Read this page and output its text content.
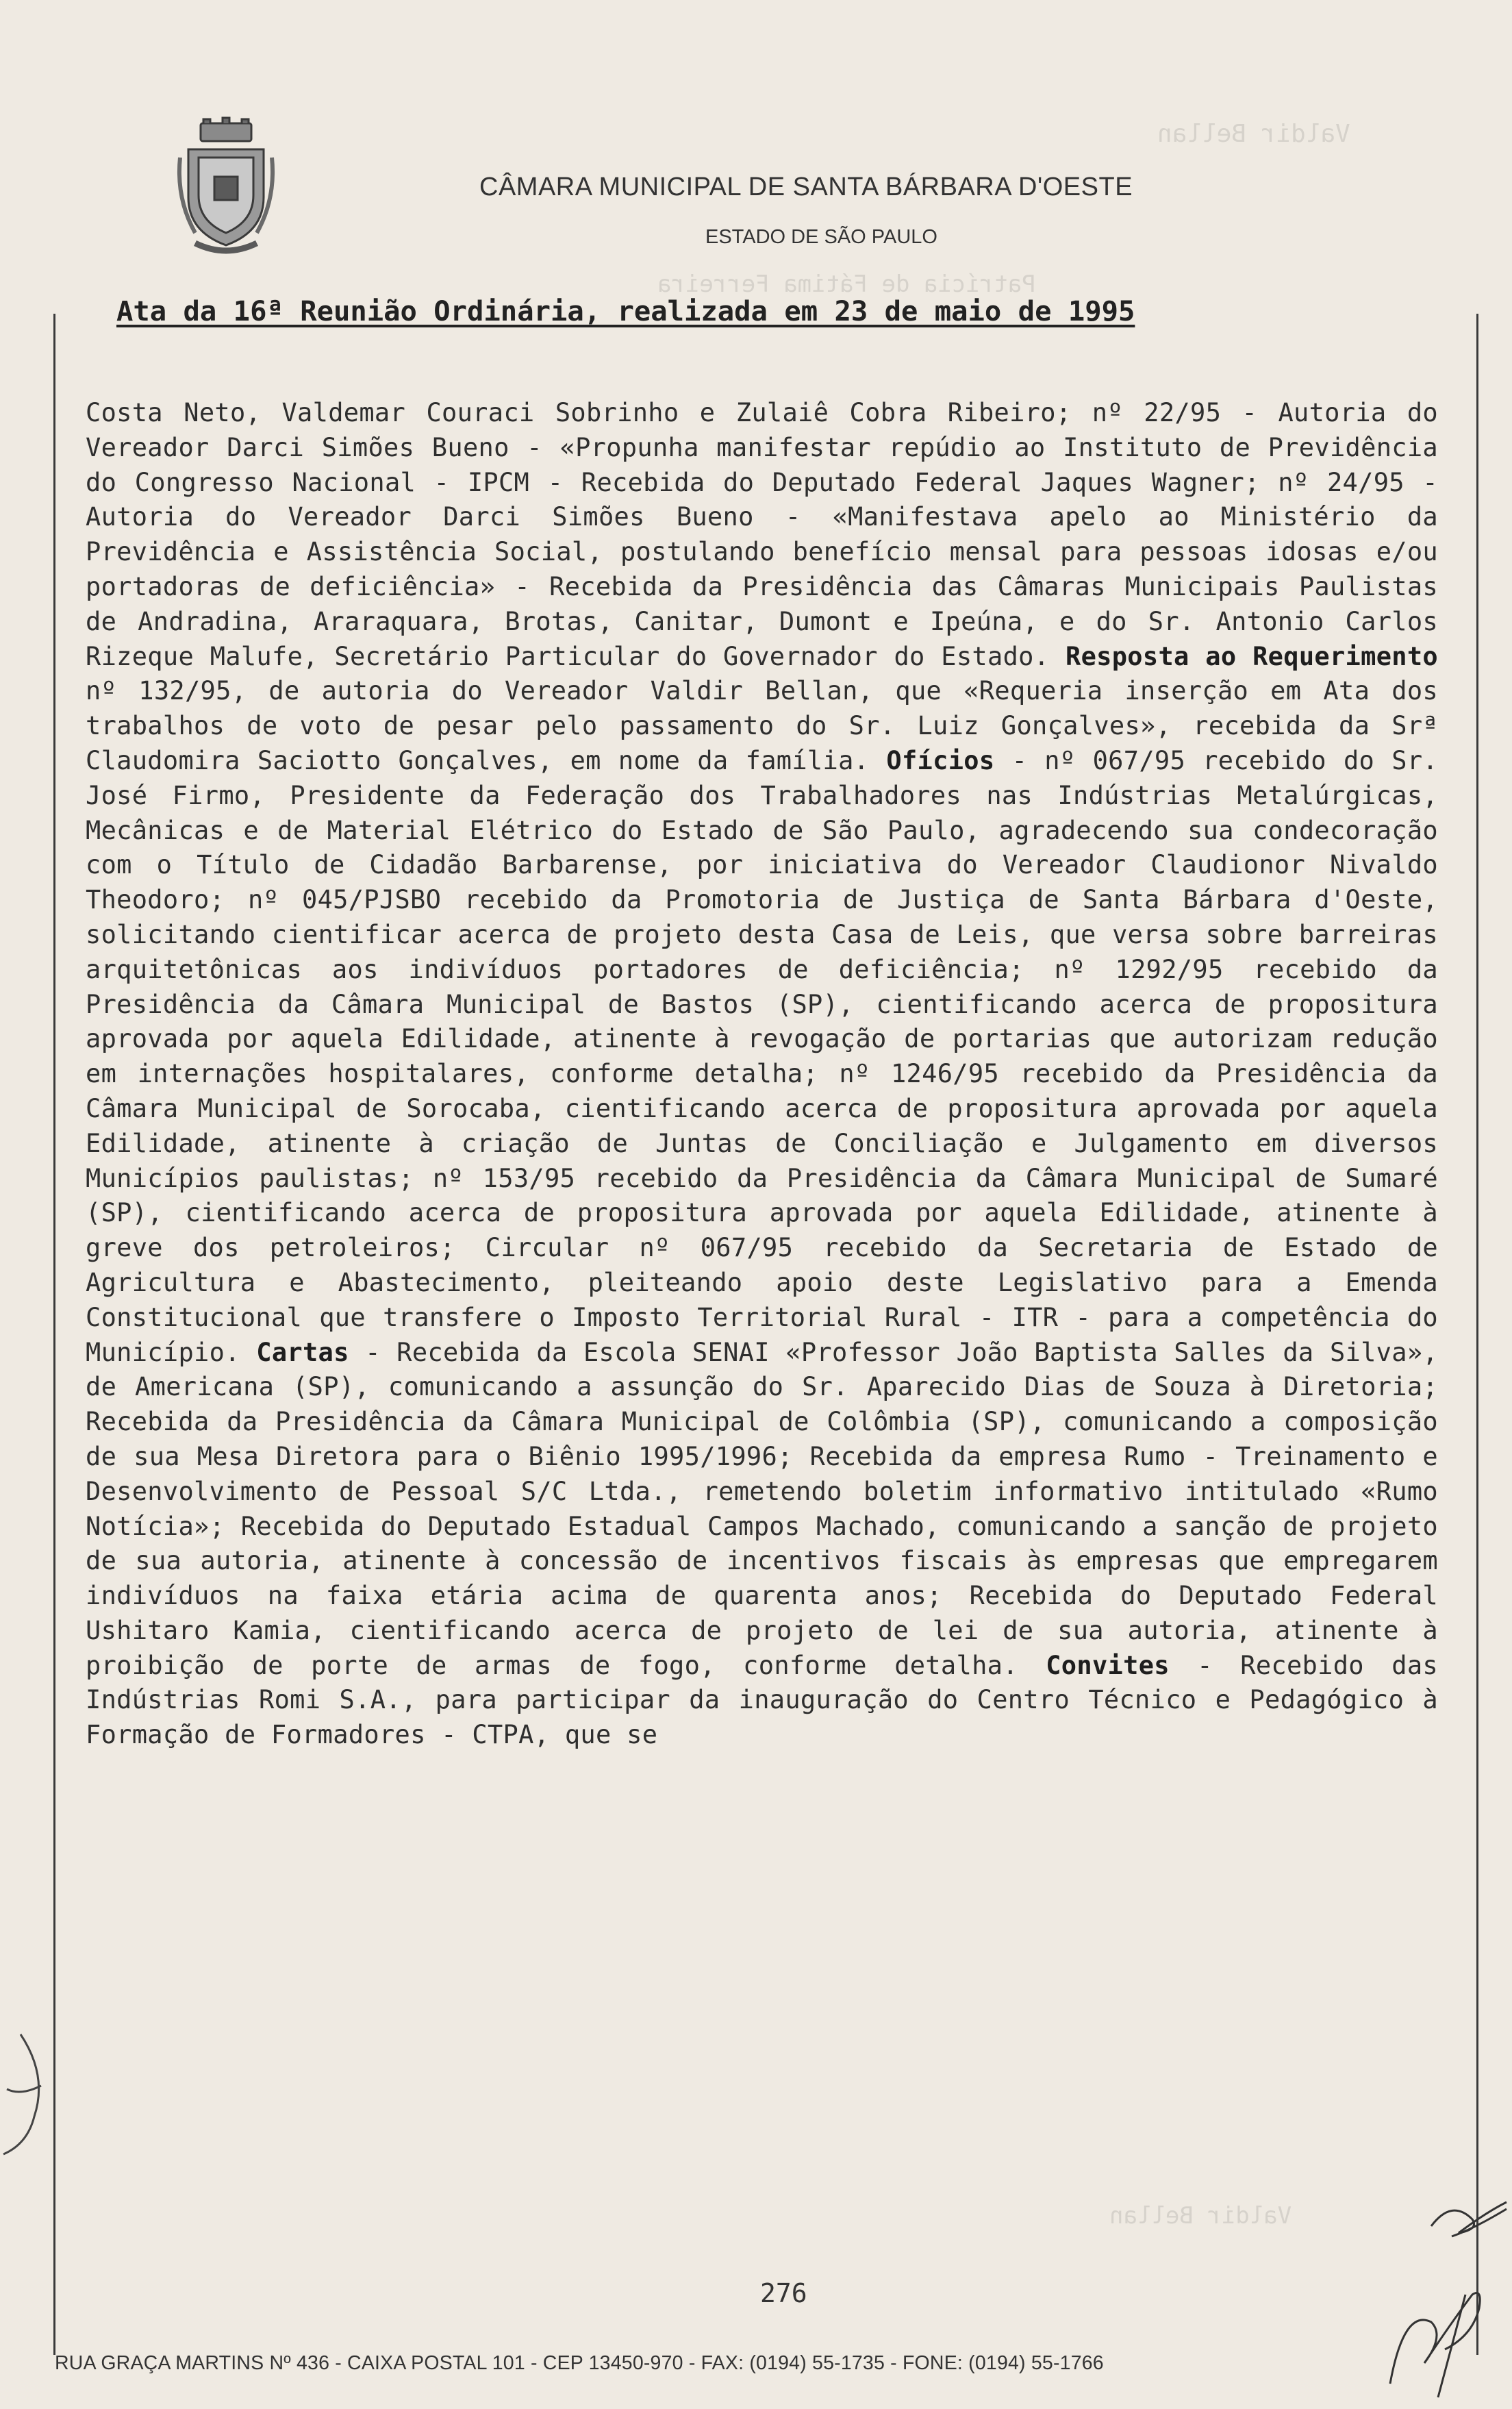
Valdir Bellan
Patrícia de Fátima Ferreira
Valdir Bellan
CÂMARA MUNICIPAL DE SANTA BÁRBARA D'OESTE
ESTADO DE SÃO PAULO
Ata da 16ª Reunião Ordinária, realizada em 23 de maio de 1995
Costa Neto, Valdemar Couraci Sobrinho e Zulaiê Cobra Ribeiro; nº 22/95 - Autoria do Vereador Darci Simões Bueno - «Propunha manifestar repúdio ao Instituto de Previdência do Congresso Nacional - IPCM - Recebida do Deputado Federal Jaques Wagner; nº 24/95 - Autoria do Vereador Darci Simões Bueno - «Manifestava apelo ao Ministério da Previdência e Assistência Social, postulando benefício mensal para pessoas idosas e/ou portadoras de deficiência» - Recebida da Presidência das Câmaras Municipais Paulistas de Andradina, Araraquara, Brotas, Canitar, Dumont e Ipeúna, e do Sr. Antonio Carlos Rizeque Malufe, Secretário Particular do Governador do Estado. Resposta ao Requerimento nº 132/95, de autoria do Vereador Valdir Bellan, que «Requeria inserção em Ata dos trabalhos de voto de pesar pelo passamento do Sr. Luiz Gonçalves», recebida da Srª Claudomira Saciotto Gonçalves, em nome da família. Ofícios - nº 067/95 recebido do Sr. José Firmo, Presidente da Federação dos Trabalhadores nas Indústrias Metalúrgicas, Mecânicas e de Material Elétrico do Estado de São Paulo, agradecendo sua condecoração com o Título de Cidadão Barbarense, por iniciativa do Vereador Claudionor Nivaldo Theodoro; nº 045/PJSBO recebido da Promotoria de Justiça de Santa Bárbara d'Oeste, solicitando cientificar acerca de projeto desta Casa de Leis, que versa sobre barreiras arquitetônicas aos indivíduos portadores de deficiência; nº 1292/95 recebido da Presidência da Câmara Municipal de Bastos (SP), cientificando acerca de propositura aprovada por aquela Edilidade, atinente à revogação de portarias que autorizam redução em internações hospitalares, conforme detalha; nº 1246/95 recebido da Presidência da Câmara Municipal de Sorocaba, cientificando acerca de propositura aprovada por aquela Edilidade, atinente à criação de Juntas de Conciliação e Julgamento em diversos Municípios paulistas; nº 153/95 recebido da Presidência da Câmara Municipal de Sumaré (SP), cientificando acerca de propositura aprovada por aquela Edilidade, atinente à greve dos petroleiros; Circular nº 067/95 recebido da Secretaria de Estado de Agricultura e Abastecimento, pleiteando apoio deste Legislativo para a Emenda Constitucional que transfere o Imposto Territorial Rural - ITR - para a competência do Município. Cartas - Recebida da Escola SENAI «Professor João Baptista Salles da Silva», de Americana (SP), comunicando a assunção do Sr. Aparecido Dias de Souza à Diretoria; Recebida da Presidência da Câmara Municipal de Colômbia (SP), comunicando a composição de sua Mesa Diretora para o Biênio 1995/1996; Recebida da empresa Rumo - Treinamento e Desenvolvimento de Pessoal S/C Ltda., remetendo boletim informativo intitulado «Rumo Notícia»; Recebida do Deputado Estadual Campos Machado, comunicando a sanção de projeto de sua autoria, atinente à concessão de incentivos fiscais às empresas que empregarem indivíduos na faixa etária acima de quarenta anos; Recebida do Deputado Federal Ushitaro Kamia, cientificando acerca de projeto de lei de sua autoria, atinente à proibição de porte de armas de fogo, conforme detalha. Convites - Recebido das Indústrias Romi S.A., para participar da inauguração do Centro Técnico e Pedagógico à Formação de Formadores - CTPA, que se
276
RUA GRAÇA MARTINS Nº 436 - CAIXA POSTAL 101 - CEP 13450-970 - FAX: (0194) 55-1735 - FONE: (0194) 55-1766
